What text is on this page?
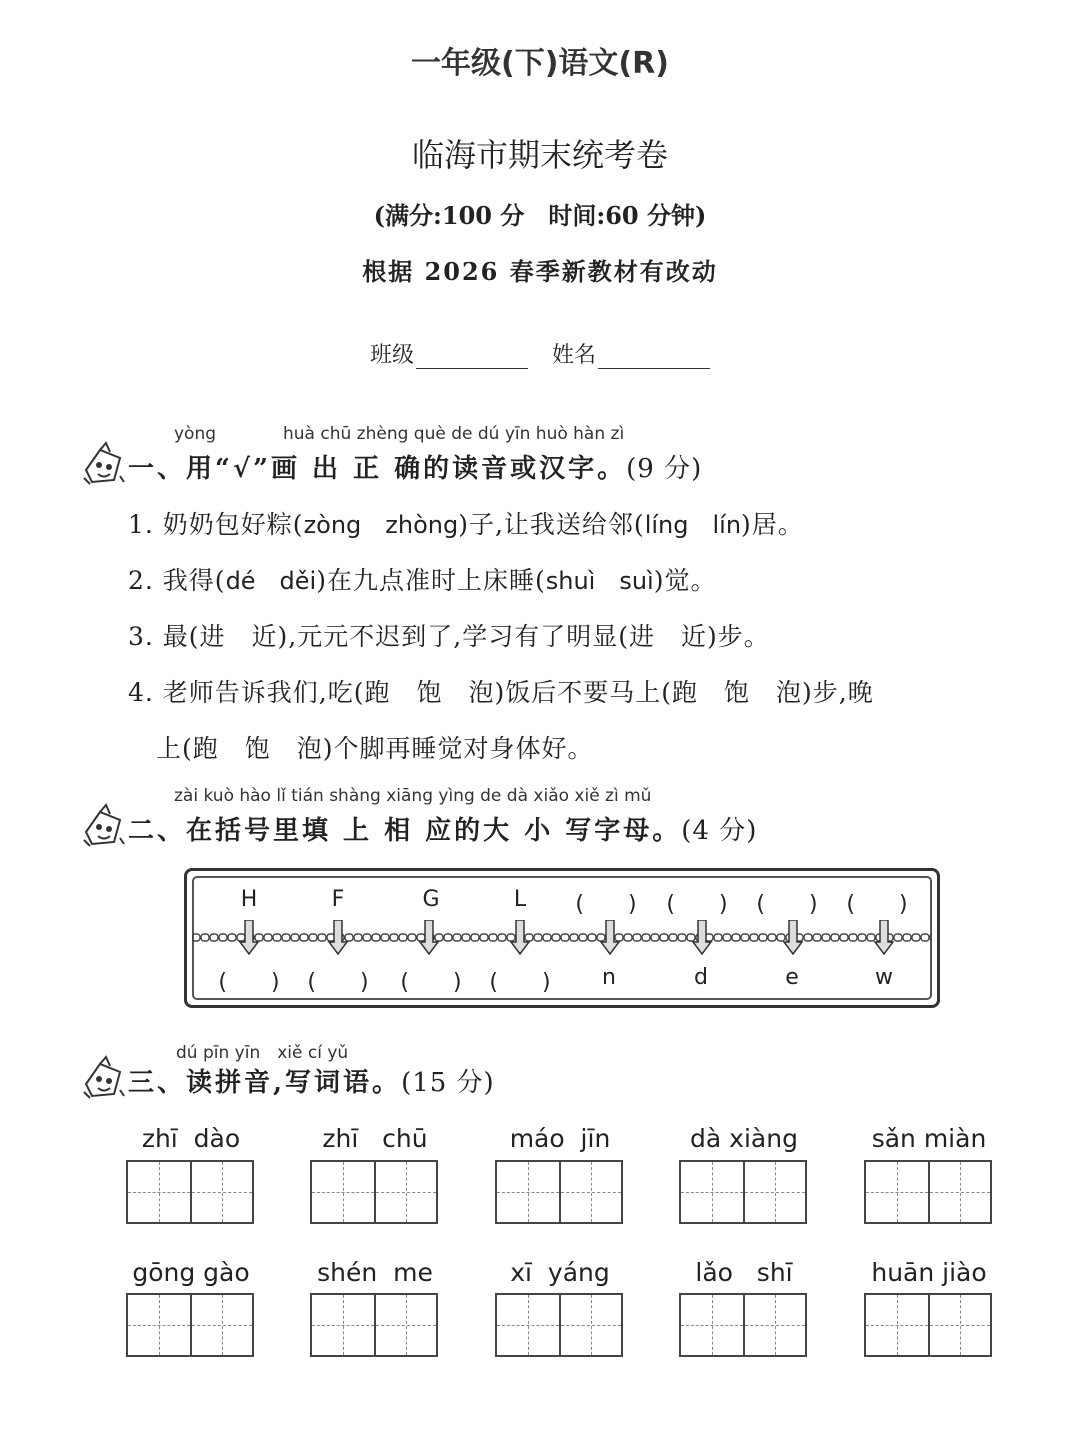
一年级(下)语文(R)
临海市期末统考卷
(满分:100 分　时间:60 分钟)
根据 2026 春季新教材有改动
班级	姓名
yòng	huà chū zhèng què de dú yīn huò hàn zì
一、用“√”画 出 正 确的读音或汉字。(9 分)
1. 奶奶包好粽(zòng　zhòng)子,让我送给邻(líng　lín)居。
2. 我得(dé　děi)在九点准时上床睡(shuì　suì)觉。
3. 最(进　近),元元不迟到了,学习有了明显(进　近)步。
4. 老师告诉我们,吃(跑　饱　泡)饭后不要马上(跑　饱　泡)步,晚
上(跑　饱　泡)个脚再睡觉对身体好。
zài kuò hào lǐ tián shàng xiāng yìng de dà xiǎo xiě zì mǔ
二、在括号里填 上 相 应的大 小 写字母。(4 分)
dú pīn yīn　xiě cí yǔ
三、读拼音,写词语。(15 分)
H	F	G	L	(　　)	(　　)	(　　)	(　　)
(　　)	(　　)	(　　)	(　　)	n	d	e	w
zhī  dào	zhī   chū	máo  jīn	dà xiàng	sǎn miàn
gōng gào	shén  me	xī  yáng	lǎo   shī	huān jiào
